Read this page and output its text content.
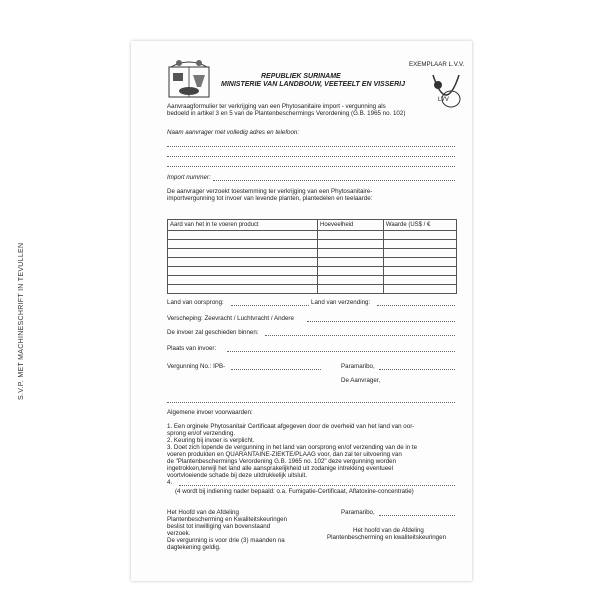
S.V.P. MET MACHINESCHRIFT IN TEVULLEN
REPUBLIEK SURINAME
MINISTERIE VAN LANDBOUW, VEETEELT EN VISSERIJ
EXEMPLAAR L.V.V.
LVV
Aanvraagformulier ter verkrijging van een Phytosanitaire import - vergunning als
bedoeld in artikel 3 en 5 van de Plantenbeschermings Verordening (G.B. 1965 no. 102)
Naam aanvrager met volledig adres en telefoon:
Import nummer:
De aanvrager verzoekt toestemming ter verkrijging van een Phytosanitaire-
importvergunning tot invoer van levende planten, plantedelen en teelaarde:
Aard van het in te voeren product	Hoeveelheid	Waarde (US$ / €

Land van oorsprong:	Land van verzending:
Verscheping: Zeevracht / Luchtvracht / Andere
De invoer zal geschieden binnen:
Plaats van invoer:
Vergunning No.: IPB-	Paramaribo,
De Aanvrager,
Algemene invoer voorwaarden:
1. Een orginele Phytosanitair Certificaat afgegeven door de overheid van het land van oor-
sprong en/of verzending.
2. Keuring bij invoer is verplicht.
3. Doet zich lopende de vergunning in het land van oorsprong en/of verzending van de in te
voeren produkten en QUARANTAINE-ZIEKTE/PLAAG voor, dan zal ter uitvoering van
de "Plantenbeschermings Verordening G.B. 1965 no. 102" deze vergunning worden
ingetrokken,terwijl het land alle aansprakelijkheid uit zodanige intrekking eventueel
voortvloeiende schade bij deze uitdrukkelijk uitsluit.
4.
(4 wordt bij indiening nader bepaald: o.a. Fumigatie-Certificaat, Aflatoxine-concentratie)
Paramaribo,
Het Hoofd van de Afdeling
Plantenbescherming en Kwaliteitskeuringen
beslist tot inwilliging van bovenstaand
verzoek.
De vergunning is voor drie (3) maanden na
dagtekening geldig.
Het hoofd van de Afdeling
Plantenbescherming en kwaliteitskeuringen
